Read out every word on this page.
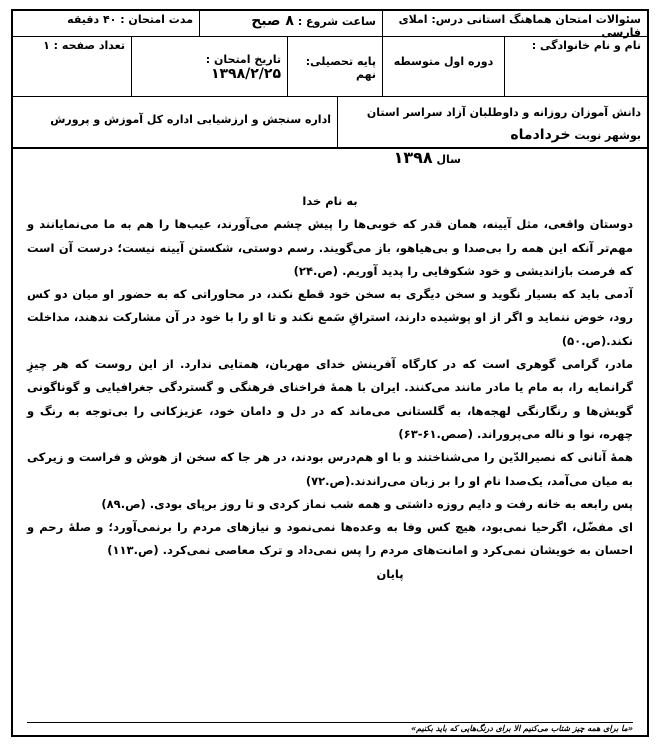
سئوالات امتحان هماهنگ استانی درس: املای فارسی
ساعت شروع : ۸ صبح
مدت امتحان : ۴۰ دقیقه
نام و نام خانوادگی :
دوره اول متوسطه
پایه تحصیلی: نهم
تاریخ امتحان : ۱۳۹۸/۲/۲۵
تعداد صفحه : ۱
دانش آموزان روزانه و داوطلبان آزاد سراسر استان بوشهر نوبت خردادماه
سال ۱۳۹۸
اداره سنجش و ارزشیابی اداره کل آموزش و پرورش

به نام خدا

دوستان واقعی، مثل آیینه، همان قدر که خوبی‌ها را پیش چشم می‌آورند، عیب‌ها را هم به ما می‌نمایانند و مهم‌تر آنکه این همه را بی‌صدا و بی‌هیاهو، باز می‌گویند. رسم دوستی، شکستن آیینه نیست؛ درست آن است که فرصت بازاندیشی و خود شکوفایی را پدید آوریم. (ص.۲۴)

آدمی باید که بسیار نگوید و سخن دیگری به سخن خود قطع نکند، در محاوراتی که به حضور او میان دو کس رود، خوض ننماید و اگر از او پوشیده دارند، استراقِ سَمع نکند و تا او را با خود در آن مشارکت ندهند، مداخلت نکند.(ص.۵۰)

مادر، گرامی گوهری است که در کارگاه آفرینش خدای مهربان، همتایی ندارد. از این روست که هر چیزِ گرانمایه را، به مام یا مادر مانند می‌کنند. ایران با همهٔ فراخنای فرهنگی و گستردگی جغرافیایی و گوناگونی گویش‌ها و رنگارنگی لهجه‌ها، به گلستانی می‌ماند که در دل و دامان خود، عزیزکانی را بی‌توجه به رنگ و چهره، نوا و ناله می‌پروراند. (صص.۶۱-۶۳)

همهٔ آنانی که نصیرالدّین را می‌شناختند و با او هم‌درس بودند، در هر جا که سخن از هوش و فراست و زیرکی به میان می‌آمد، یک‌صدا نام او را بر زبان می‌راندند.(ص.۷۲)

پس رابعه به خانه رفت و دایم روزه داشتی و همه شب نماز کردی و تا روز برپای بودی. (ص.۸۹)

ای مفضّل، اگرحیا نمی‌بود، هیچ کس وفا به وعده‌ها نمی‌نمود و نیازهای مردم را برنمی‌آورد؛ و صلهٔ رحم و احسان به خویشان نمی‌کرد و امانت‌های مردم را پس نمی‌داد و ترک معاصی نمی‌کرد. (ص.۱۱۳)

پایان

«ما برای همه چیز شتاب می‌کنیم الا برای درنگ‌هایی که باید بکنیم»
